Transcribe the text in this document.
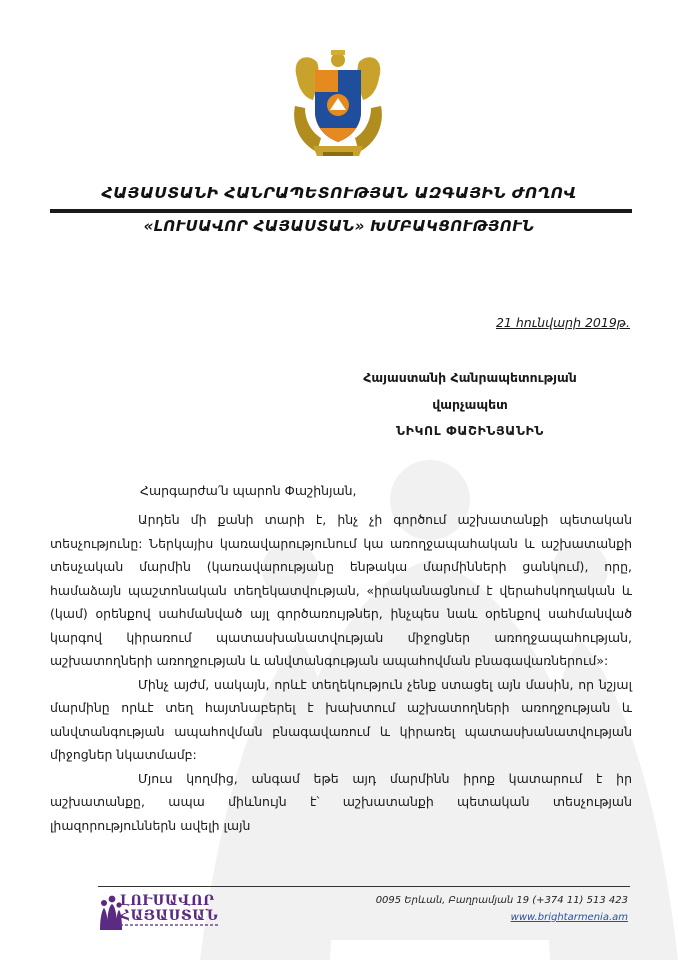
ՀԱՅԱՍՏԱՆԻ ՀԱՆՐԱՊԵՏՈՒԹՅԱՆ ԱԶԳԱՅԻՆ ԺՈՂՈՎ
«ԼՈՒՍԱՎՈՐ ՀԱՅԱՍՏԱՆ» ԽՄԲԱԿՑՈՒԹՅՈՒՆ
21 հունվարի 2019թ.
Հայաստանի Հանրապետության
վարչապետ
ՆԻԿՈԼ ՓԱՇԻՆՅԱՆԻՆ
Հարգարժա՛ն պարոն Փաշինյան,

Արդեն մի քանի տարի է, ինչ չի գործում աշխատանքի պետական տեսչությունը: Ներկայիս կառավարությունում կա առողջապահական և աշխատանքի տեսչական մարմին (կառավարությանը ենթակա մարմինների ցանկում), որը, համաձայն պաշտոնական տեղեկատվության, «իրականացնում է վերահսկողական և (կամ) օրենքով սահմանված այլ գործառույթներ, ինչպես նաև օրենքով սահմանված կարգով կիրառում պատասխանատվության միջոցներ առողջապահության, աշխատողների առողջության և անվտանգության ապահովման բնագավառներում»:

Մինչ այժմ, սակայն, որևէ տեղեկություն չենք ստացել այն մասին, որ նշյալ մարմինը որևէ տեղ հայտնաբերել է խախտում աշխատողների առողջության և անվտանգության ապահովման բնագավառում և կիրառել պատասխանատվության միջոցներ նկատմամբ:

Մյուս կողմից, անգամ եթե այդ մարմինն իրոք կատարում է իր աշխատանքը, ապա միևնույն է՝ աշխատանքի պետական տեսչության լիազորություններն ավելի լայն

ԼՈՒՍԱՎՈՐ
ՀԱՅԱՍՏԱՆ
0095 Երևան, Բաղրամյան 19 (+374 11) 513 423
www.brightarmenia.am
